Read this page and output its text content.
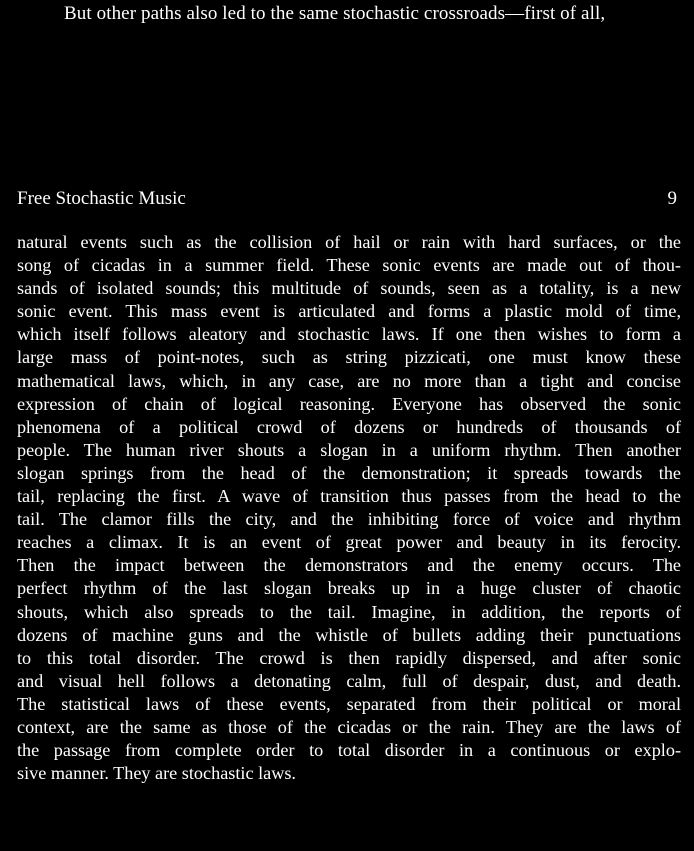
But other paths also led to the same stochastic crossroads—first of all,
Free Stochastic Music	9
natural events such as the collision of hail or rain with hard surfaces, or the
song of cicadas in a summer field. These sonic events are made out of thou-
sands of isolated sounds; this multitude of sounds, seen as a totality, is a new
sonic event. This mass event is articulated and forms a plastic mold of time,
which itself follows aleatory and stochastic laws. If one then wishes to form a
large mass of point-notes, such as string pizzicati, one must know these
mathematical laws, which, in any case, are no more than a tight and concise
expression of chain of logical reasoning. Everyone has observed the sonic
phenomena of a political crowd of dozens or hundreds of thousands of
people. The human river shouts a slogan in a uniform rhythm. Then another
slogan springs from the head of the demonstration; it spreads towards the
tail, replacing the first. A wave of transition thus passes from the head to the
tail. The clamor fills the city, and the inhibiting force of voice and rhythm
reaches a climax. It is an event of great power and beauty in its ferocity.
Then the impact between the demonstrators and the enemy occurs. The
perfect rhythm of the last slogan breaks up in a huge cluster of chaotic
shouts, which also spreads to the tail. Imagine, in addition, the reports of
dozens of machine guns and the whistle of bullets adding their punctuations
to this total disorder. The crowd is then rapidly dispersed, and after sonic
and visual hell follows a detonating calm, full of despair, dust, and death.
The statistical laws of these events, separated from their political or moral
context, are the same as those of the cicadas or the rain. They are the laws of
the passage from complete order to total disorder in a continuous or explo-
sive manner. They are stochastic laws.
